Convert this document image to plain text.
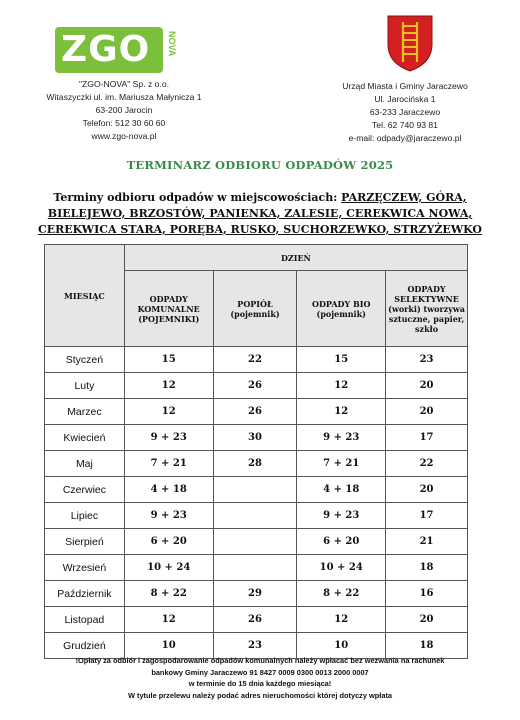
ZGO	NOVA
"ZGO-NOVA" Sp. z o.o.
Witaszyczki ul. im. Mariusza Małynicza 1
63-200 Jarocin
Telefon: 512 30 60 60
www.zgo-nova.pl
Urząd Miasta i Gminy Jaraczewo
Ul. Jarocińska 1
63-233 Jaraczewo
Tel. 62 740 93 81
e-mail: odpady@jaraczewo.pl
TERMINARZ ODBIORU ODPADÓW 2025
Terminy odbioru odpadów w miejscowościach: PARZĘCZEW, GÓRA,
BIELEJEWO, BRZOSTÓW, PANIENKA, ZALESIE, CEREKWICA NOWA,
CEREKWICA STARA, PORĘBA, RUSKO, SUCHORZEWKO, STRZYŻEWKO
MIESIĄC	DZIEŃ			
	ODPADY KOMUNALNE (POJEMNIKI)	POPIÓŁ (pojemnik)	ODPADY BIO (pojemnik)	ODPADY SELEKTYWNE (worki) tworzywa sztuczne, papier, szkło
Styczeń	15	22	15	23
Luty	12	26	12	20
Marzec	12	26	12	20
Kwiecień	9 + 23	30	9 + 23	17
Maj	7 + 21	28	7 + 21	22
Czerwiec	4 + 18		4 + 18	20
Lipiec	9 + 23		9 + 23	17
Sierpień	6 + 20		6 + 20	21
Wrzesień	10 + 24		10 + 24	18
Październik	8 + 22	29	8 + 22	16
Listopad	12	26	12	20
Grudzień	10	23	10	18
!Opłaty za odbiór i zagospodarowanie odpadów komunalnych należy wpłacać bez wezwania na rachunek
bankowy Gminy Jaraczewo 91 8427 0009 0300 0013 2000 0007
w terminie do 15 dnia każdego miesiąca!
W tytule przelewu należy podać adres nieruchomości której dotyczy wpłata
